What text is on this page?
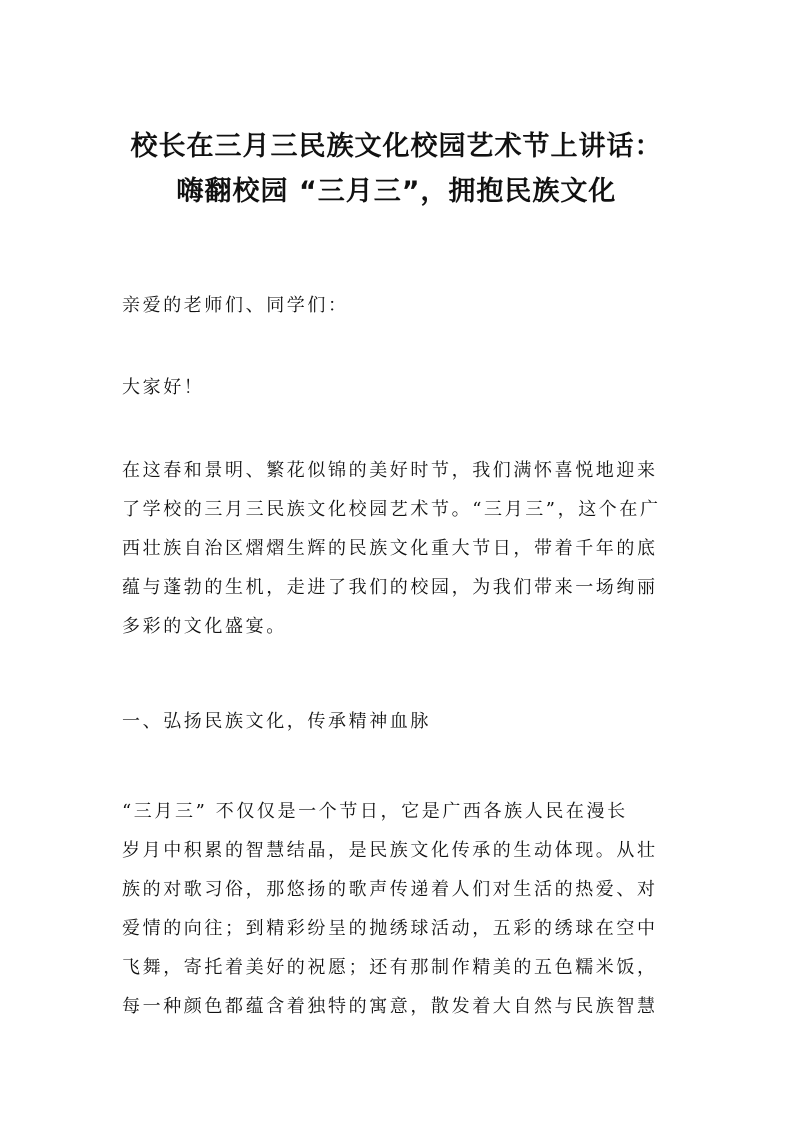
校长在三月三民族文化校园艺术节上讲话：
嗨翻校园 “三月三”，拥抱民族文化
亲爱的老师们、同学们：
大家好！
在这春和景明、繁花似锦的美好时节，我们满怀喜悦地迎来
了学校的三月三民族文化校园艺术节。“三月三”，这个在广
西壮族自治区熠熠生辉的民族文化重大节日，带着千年的底
蕴与蓬勃的生机，走进了我们的校园，为我们带来一场绚丽
多彩的文化盛宴。
一、弘扬民族文化，传承精神血脉
“三月三” 不仅仅是一个节日，它是广西各族人民在漫长
岁月中积累的智慧结晶，是民族文化传承的生动体现。从壮
族的对歌习俗，那悠扬的歌声传递着人们对生活的热爱、对
爱情的向往；到精彩纷呈的抛绣球活动，五彩的绣球在空中
飞舞，寄托着美好的祝愿；还有那制作精美的五色糯米饭，
每一种颜色都蕴含着独特的寓意，散发着大自然与民族智慧
